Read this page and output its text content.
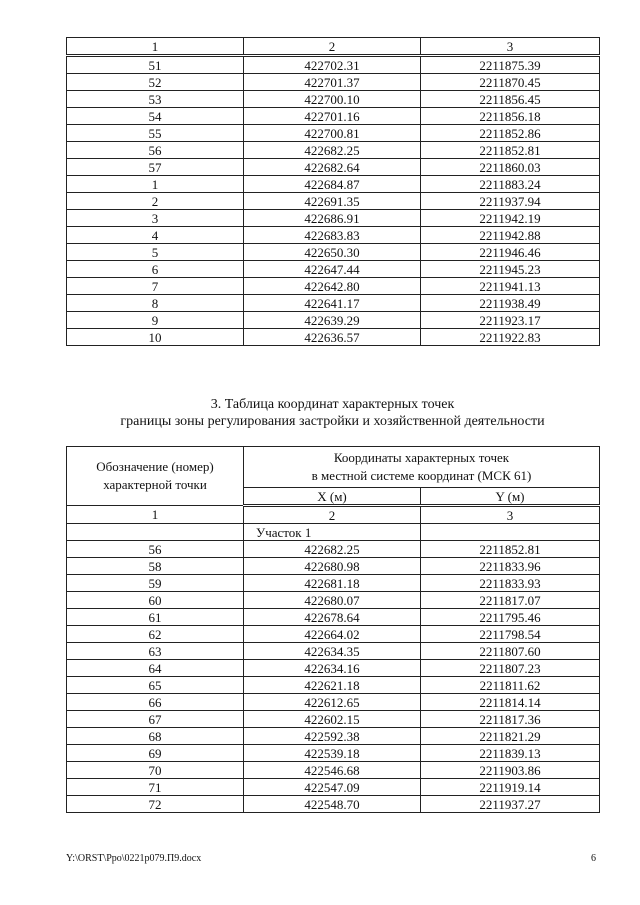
1	2	3
51	422702.31	2211875.39
52	422701.37	2211870.45
53	422700.10	2211856.45
54	422701.16	2211856.18
55	422700.81	2211852.86
56	422682.25	2211852.81
57	422682.64	2211860.03
1	422684.87	2211883.24
2	422691.35	2211937.94
3	422686.91	2211942.19
4	422683.83	2211942.88
5	422650.30	2211946.46
6	422647.44	2211945.23
7	422642.80	2211941.13
8	422641.17	2211938.49
9	422639.29	2211923.17
10	422636.57	2211922.83
3. Таблица координат характерных точек
границы зоны регулирования застройки и хозяйственной деятельности
Обозначение (номер) характерной точки	Координаты характерных точек
в местной системе координат (МСК 61)	
	X (м)	Y (м)
1	2	3
	Участок 1	
56	422682.25	2211852.81
58	422680.98	2211833.96
59	422681.18	2211833.93
60	422680.07	2211817.07
61	422678.64	2211795.46
62	422664.02	2211798.54
63	422634.35	2211807.60
64	422634.16	2211807.23
65	422621.18	2211811.62
66	422612.65	2211814.14
67	422602.15	2211817.36
68	422592.38	2211821.29
69	422539.18	2211839.13
70	422546.68	2211903.86
71	422547.09	2211919.14
72	422548.70	2211937.27
Y:\ORST\Ppo\0221p079.П9.docx	6
